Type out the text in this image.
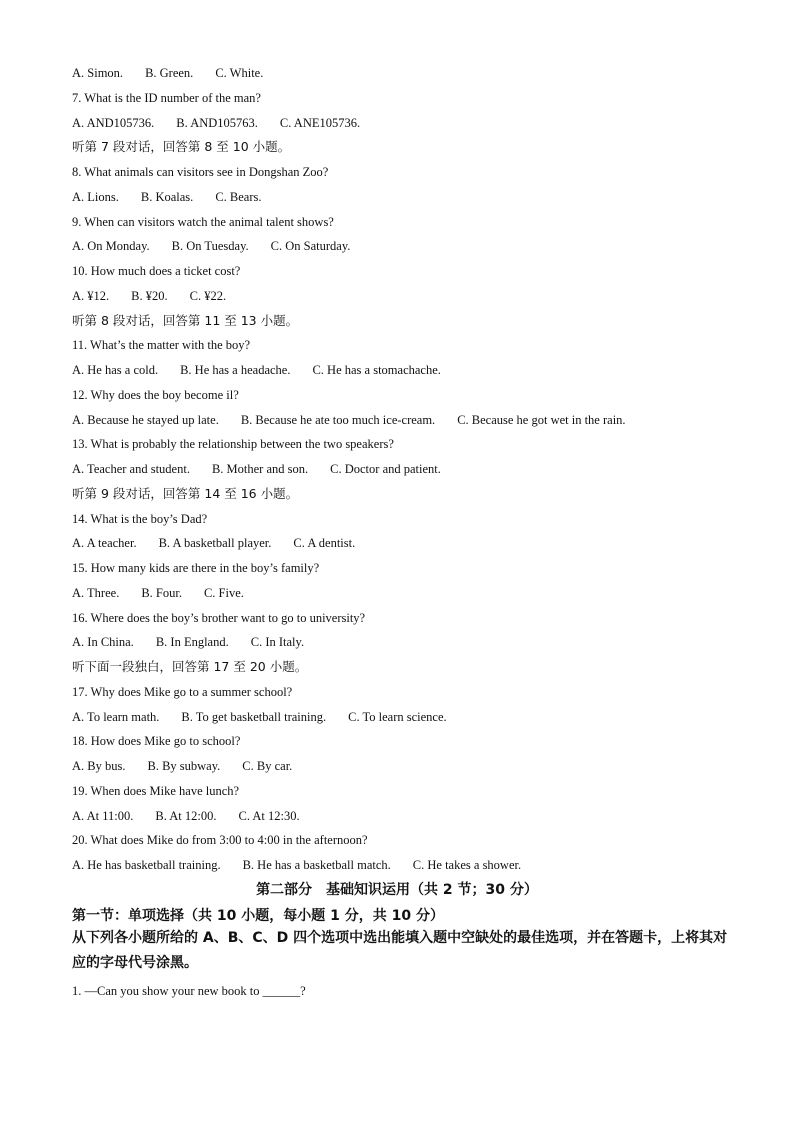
A. Simon. B. Green. C. White.
7. What is the ID number of the man?
A. AND105736. B. AND105763. C. ANE105736.
听第 7 段对话，回答第 8 至 10 小题。
8. What animals can visitors see in Dongshan Zoo?
A. Lions. B. Koalas. C. Bears.
9. When can visitors watch the animal talent shows?
A. On Monday. B. On Tuesday. C. On Saturday.
10. How much does a ticket cost?
A. ¥12. B. ¥20. C. ¥22.
听第 8 段对话，回答第 11 至 13 小题。
11. What’s the matter with the boy?
A. He has a cold. B. He has a headache. C. He has a stomachache.
12. Why does the boy become il?
A. Because he stayed up late. B. Because he ate too much ice-cream. C. Because he got wet in the rain.
13. What is probably the relationship between the two speakers?
A. Teacher and student. B. Mother and son. C. Doctor and patient.
听第 9 段对话，回答第 14 至 16 小题。
14. What is the boy’s Dad?
A. A teacher. B. A basketball player. C. A dentist.
15. How many kids are there in the boy’s family?
A. Three. B. Four. C. Five.
16. Where does the boy’s brother want to go to university?
A. In China. B. In England. C. In Italy.
听下面一段独白，回答第 17 至 20 小题。
17. Why does Mike go to a summer school?
A. To learn math. B. To get basketball training. C. To learn science.
18. How does Mike go to school?
A. By bus. B. By subway. C. By car.
19. When does Mike have lunch?
A. At 11:00. B. At 12:00. C. At 12:30.
20. What does Mike do from 3:00 to 4:00 in the afternoon?
A. He has basketball training. B. He has a basketball match. C. He takes a shower.
第二部分　基础知识运用（共 2 节；30 分）
第一节：单项选择（共 10 小题，每小题 1 分，共 10 分）
从下列各小题所给的 A、B、C、D 四个选项中选出能填入题中空缺处的最佳选项，并在答题卡，上将其对应的字母代号涂黑。
1. —Can you show your new book to ______?
